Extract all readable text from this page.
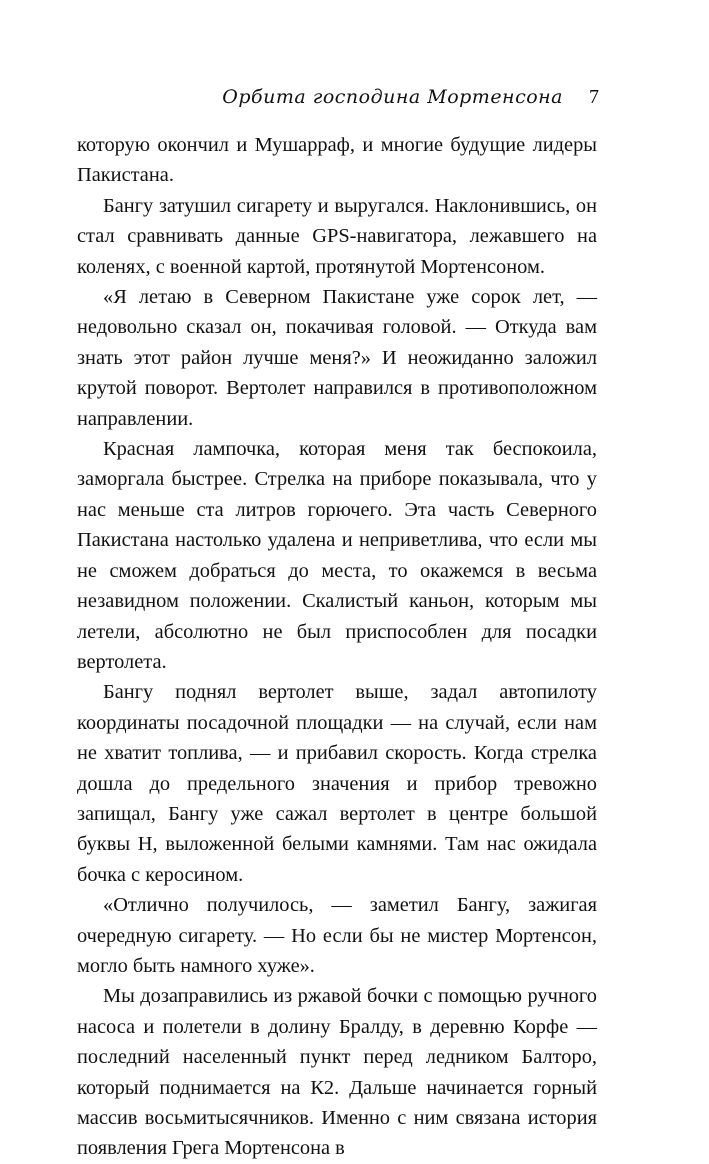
Орбита господина Мортенсона 7

которую окончил и Мушарраф, и многие будущие лидеры Пакистана.

Бангу затушил сигарету и выругался. Наклонившись, он стал сравнивать данные GPS-навигатора, лежавшего на коленях, с военной картой, протянутой Мортенсоном.

«Я летаю в Северном Пакистане уже сорок лет, — недовольно сказал он, покачивая головой. — Откуда вам знать этот район лучше меня?» И неожиданно заложил крутой поворот. Вертолет направился в противоположном направлении.

Красная лампочка, которая меня так беспокоила, заморгала быстрее. Стрелка на приборе показывала, что у нас меньше ста литров горючего. Эта часть Северного Пакистана настолько удалена и неприветлива, что если мы не сможем добраться до места, то окажемся в весьма незавидном положении. Скалистый каньон, которым мы летели, абсолютно не был приспособлен для посадки вертолета.

Бангу поднял вертолет выше, задал автопилоту координаты посадочной площадки — на случай, если нам не хватит топлива, — и прибавил скорость. Когда стрелка дошла до предельного значения и прибор тревожно запищал, Бангу уже сажал вертолет в центре большой буквы Н, выложенной белыми камнями. Там нас ожидала бочка с керосином.

«Отлично получилось, — заметил Бангу, зажигая очередную сигарету. — Но если бы не мистер Мортенсон, могло быть намного хуже».

Мы дозаправились из ржавой бочки с помощью ручного насоса и полетели в долину Бралду, в деревню Корфе — последний населенный пункт перед ледником Балторо, который поднимается на К2. Дальше начинается горный массив восьмитысячников. Именно с ним связана история появления Грега Мортенсона в
